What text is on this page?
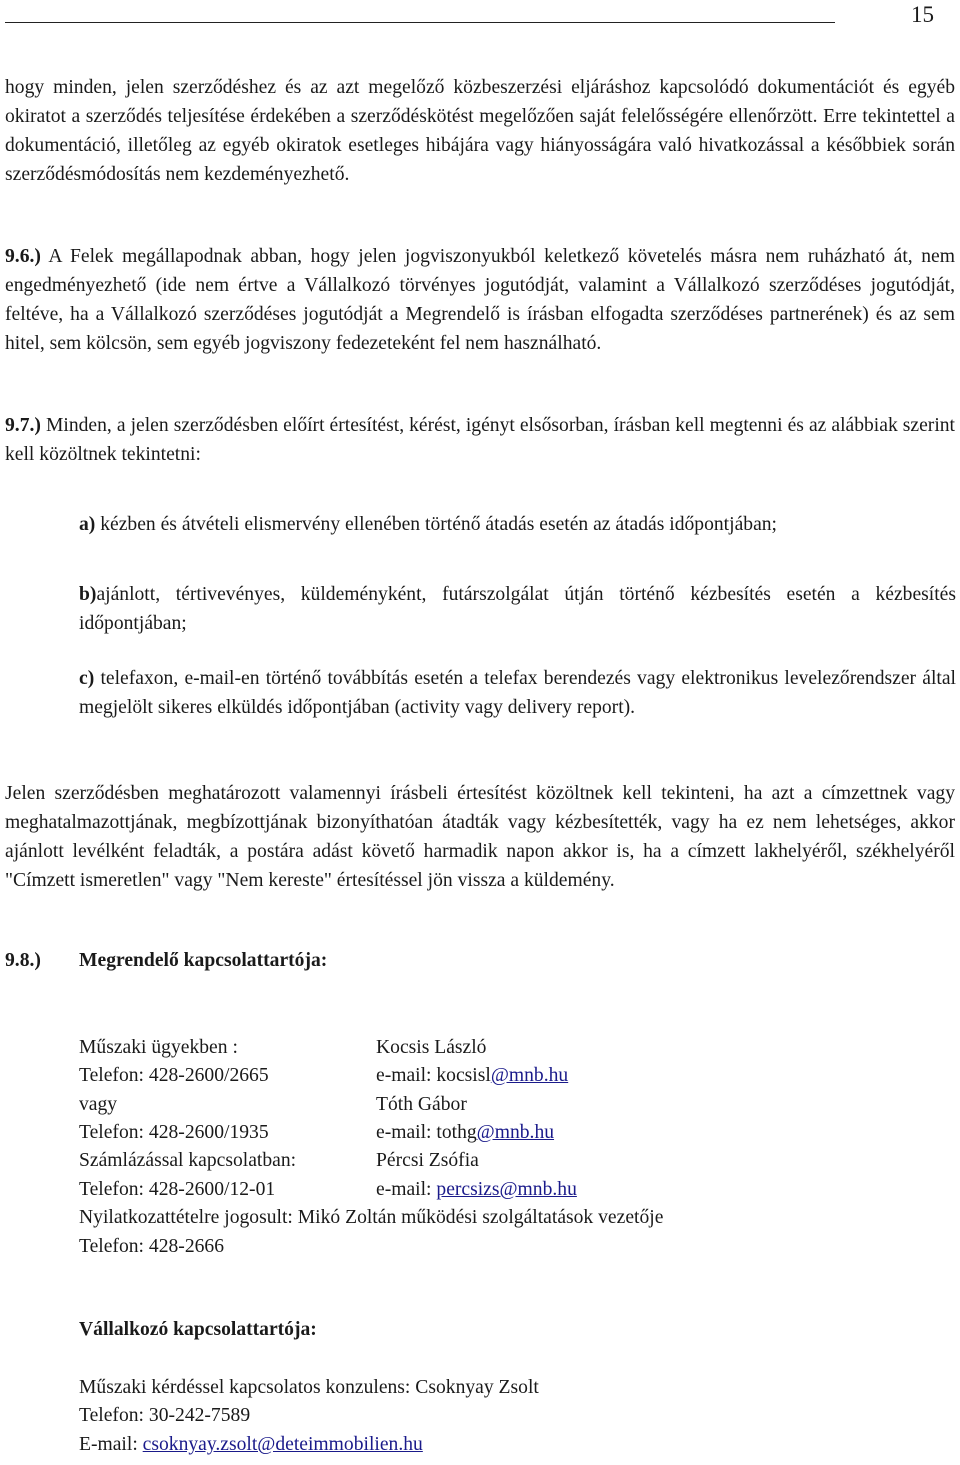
15

hogy minden, jelen szerződéshez és az azt megelőző közbeszerzési eljáráshoz kapcsolódó dokumentációt és egyéb okiratot a szerződés teljesítése érdekében a szerződéskötést megelőzően saját felelősségére ellenőrzött. Erre tekintettel a dokumentáció, illetőleg az egyéb okiratok esetleges hibájára vagy hiányosságára való hivatkozással a későbbiek során szerződésmódosítás nem kezdeményezhető.

9.6.) A Felek megállapodnak abban, hogy jelen jogviszonyukból keletkező követelés másra nem ruházható át, nem engedményezhető (ide nem értve a Vállalkozó törvényes jogutódját, valamint a Vállalkozó szerződéses jogutódját, feltéve, ha a Vállalkozó szerződéses jogutódját a Megrendelő is írásban elfogadta szerződéses partnerének) és az sem hitel, sem kölcsön, sem egyéb jogviszony fedezeteként fel nem használható.

9.7.) Minden, a jelen szerződésben előírt értesítést, kérést, igényt elsősorban, írásban kell megtenni és az alábbiak szerint kell közöltnek tekintetni:

a) kézben és átvételi elismervény ellenében történő átadás esetén az átadás időpontjában;

b)ajánlott, tértivevényes, küldeményként, futárszolgálat útján történő kézbesítés esetén a kézbesítés időpontjában;

c) telefaxon, e-mail-en történő továbbítás esetén a telefax berendezés vagy elektronikus levelezőrendszer által megjelölt sikeres elküldés időpontjában (activity vagy delivery report).

Jelen szerződésben meghatározott valamennyi írásbeli értesítést közöltnek kell tekinteni, ha azt a címzettnek vagy meghatalmazottjának, megbízottjának bizonyíthatóan átadták vagy kézbesítették, vagy ha ez nem lehetséges, akkor ajánlott levélként feladták, a postára adást követő harmadik napon akkor is, ha a címzett lakhelyéről, székhelyéről "Címzett ismeretlen" vagy "Nem kereste" értesítéssel jön vissza a küldemény.

9.8.) Megrendelő kapcsolattartója:
Műszaki ügyekben :	Kocsis László
Telefon: 428-2600/2665	e-mail: kocsisl@mnb.hu
vagy	Tóth Gábor
Telefon: 428-2600/1935	e-mail: tothg@mnb.hu
Számlázással kapcsolatban:	Pércsi Zsófia
Telefon: 428-2600/12-01	e-mail: percsizs@mnb.hu
Nyilatkozattételre jogosult: Mikó Zoltán működési szolgáltatások vezetője
Telefon: 428-2666
Vállalkozó kapcsolattartója:
Műszaki kérdéssel kapcsolatos konzulens: Csoknyay Zsolt
Telefon: 30-242-7589
E-mail: csoknyay.zsolt@deteimmobilien.hu
